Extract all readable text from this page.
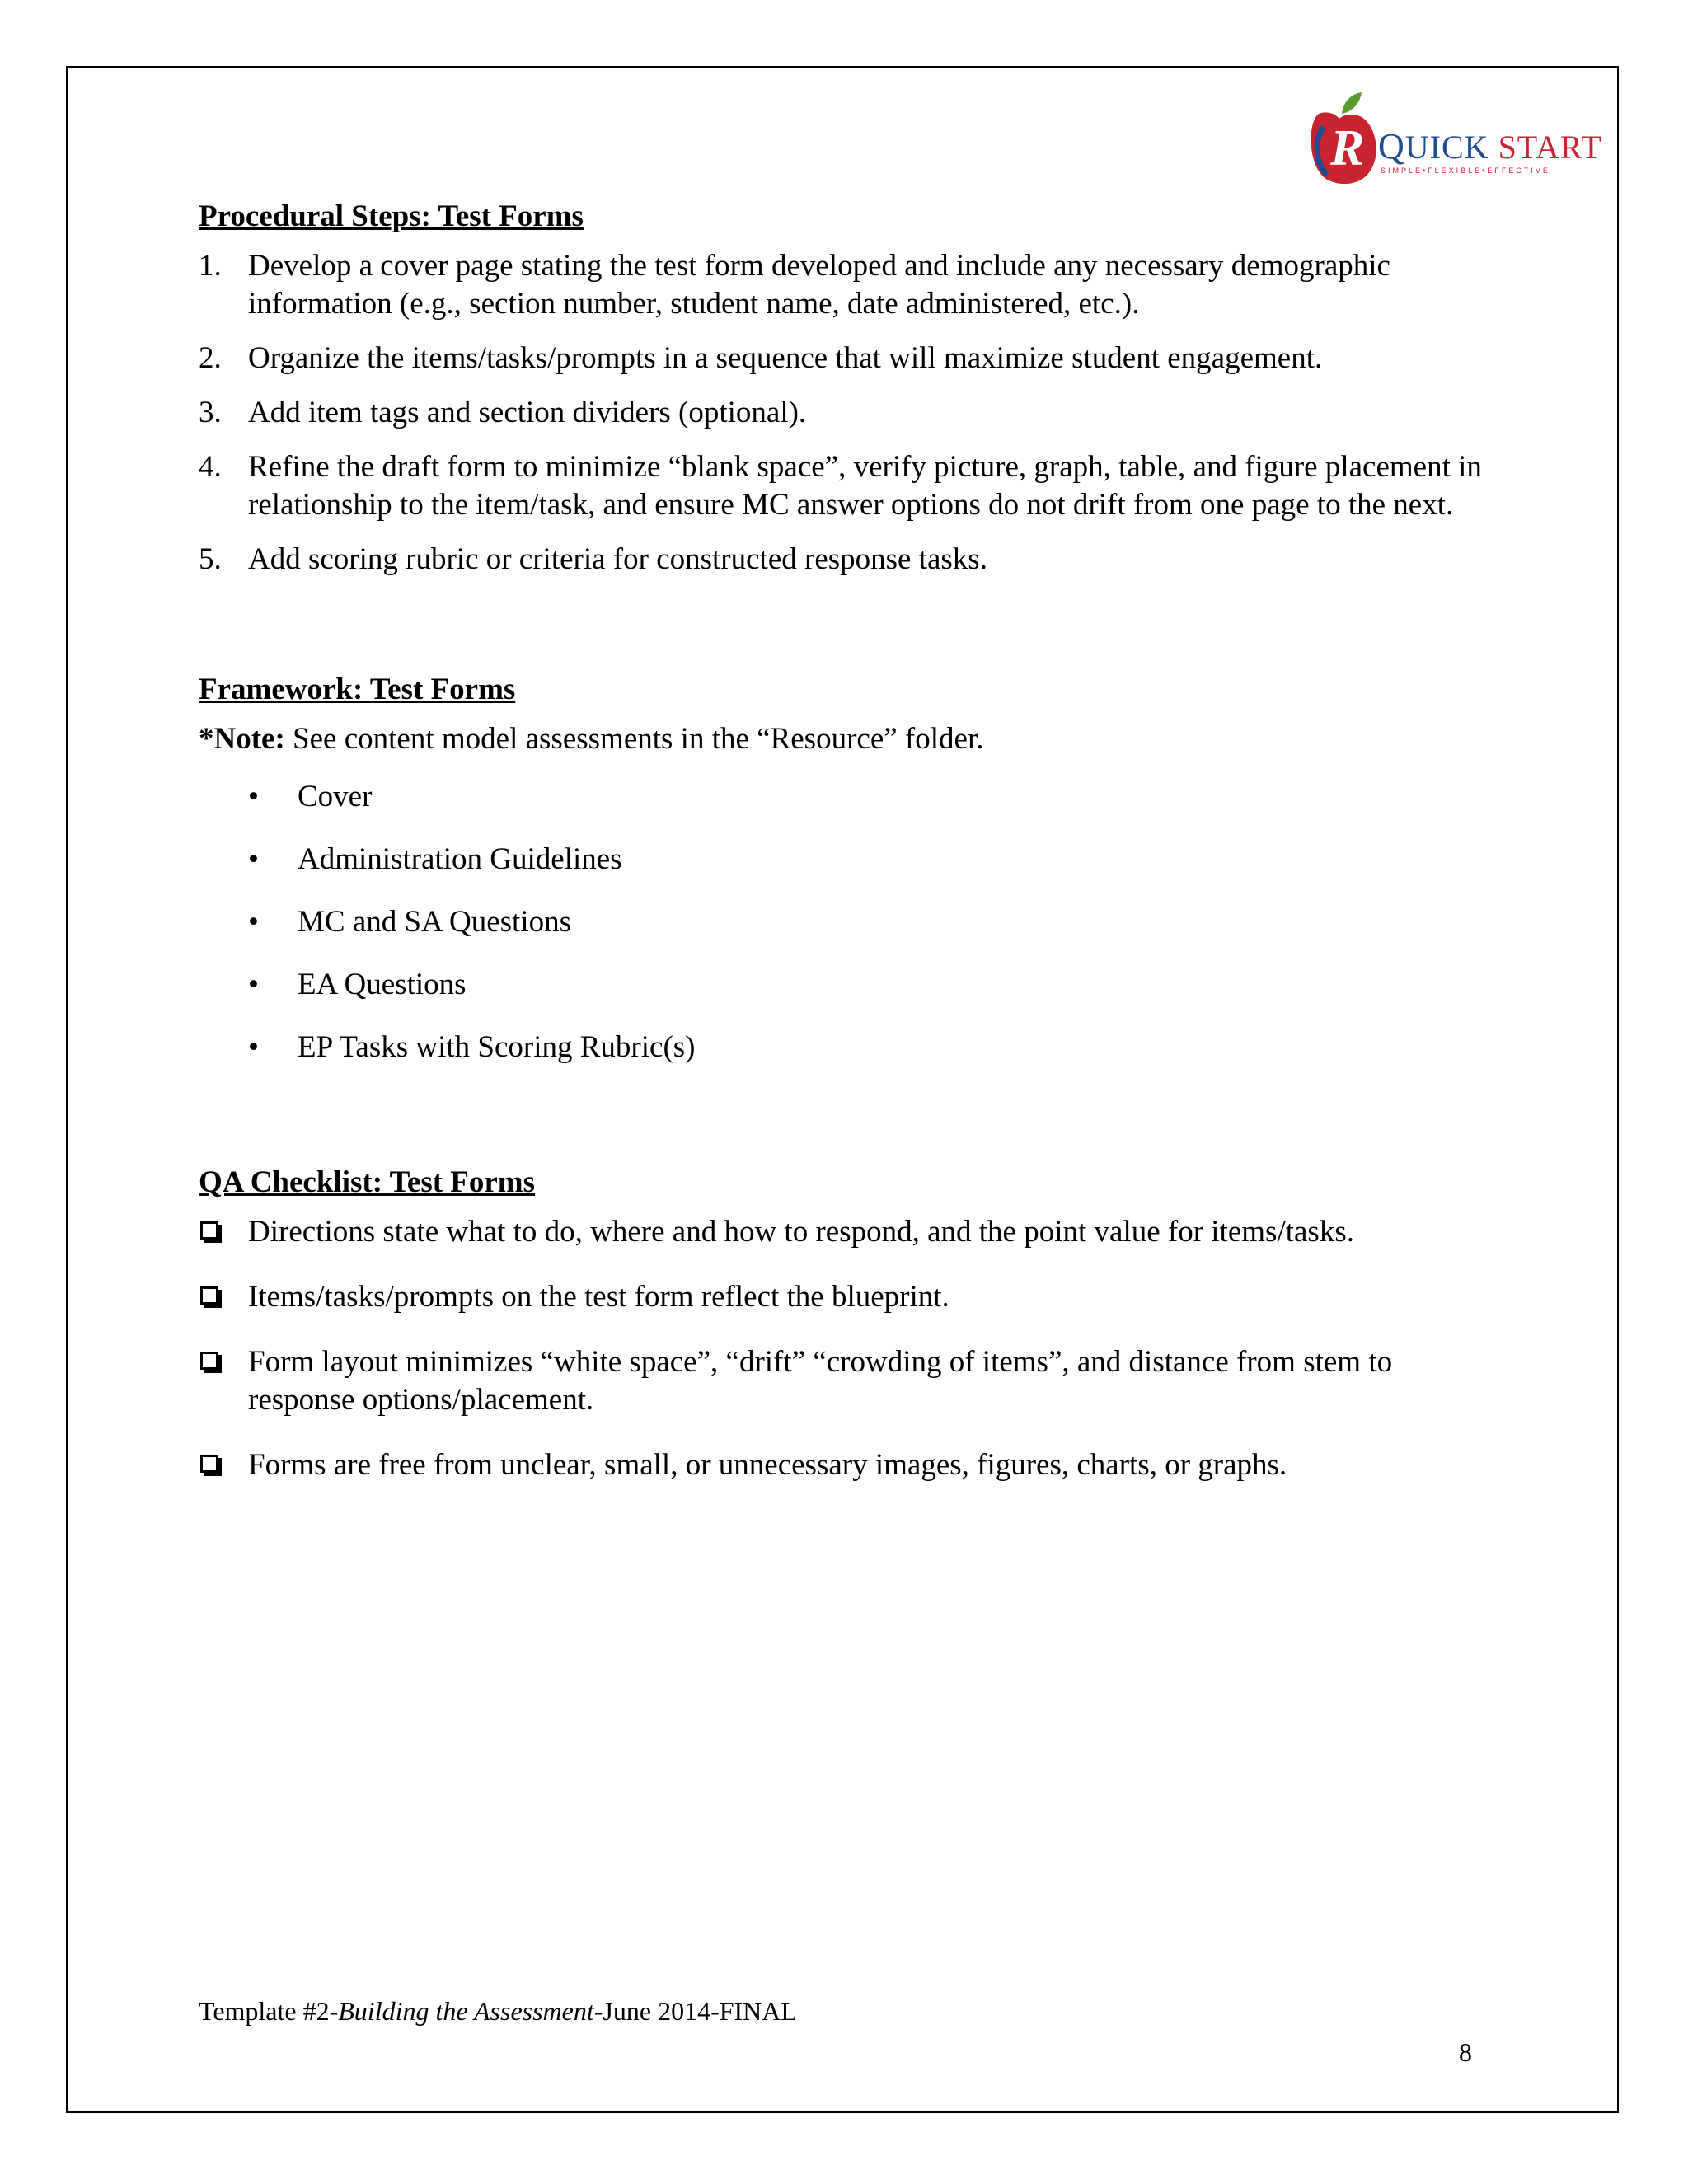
R QUICK START
SIMPLE•FLEXIBLE•EFFECTIVE
Procedural Steps: Test Forms
1. Develop a cover page stating the test form developed and include any necessary demographic information (e.g., section number, student name, date administered, etc.).
2. Organize the items/tasks/prompts in a sequence that will maximize student engagement.
3. Add item tags and section dividers (optional).
4. Refine the draft form to minimize “blank space”, verify picture, graph, table, and figure placement in relationship to the item/task, and ensure MC answer options do not drift from one page to the next.
5. Add scoring rubric or criteria for constructed response tasks.
Framework: Test Forms

*Note: See content model assessments in the “Resource” folder.

• Cover
• Administration Guidelines
• MC and SA Questions
• EA Questions
• EP Tasks with Scoring Rubric(s)
QA Checklist: Test Forms
Directions state what to do, where and how to respond, and the point value for items/tasks.
Items/tasks/prompts on the test form reflect the blueprint.
Form layout minimizes “white space”, “drift” “crowding of items”, and distance from stem to response options/placement.
Forms are free from unclear, small, or unnecessary images, figures, charts, or graphs.
Template #2-Building the Assessment-June 2014-FINAL
8
